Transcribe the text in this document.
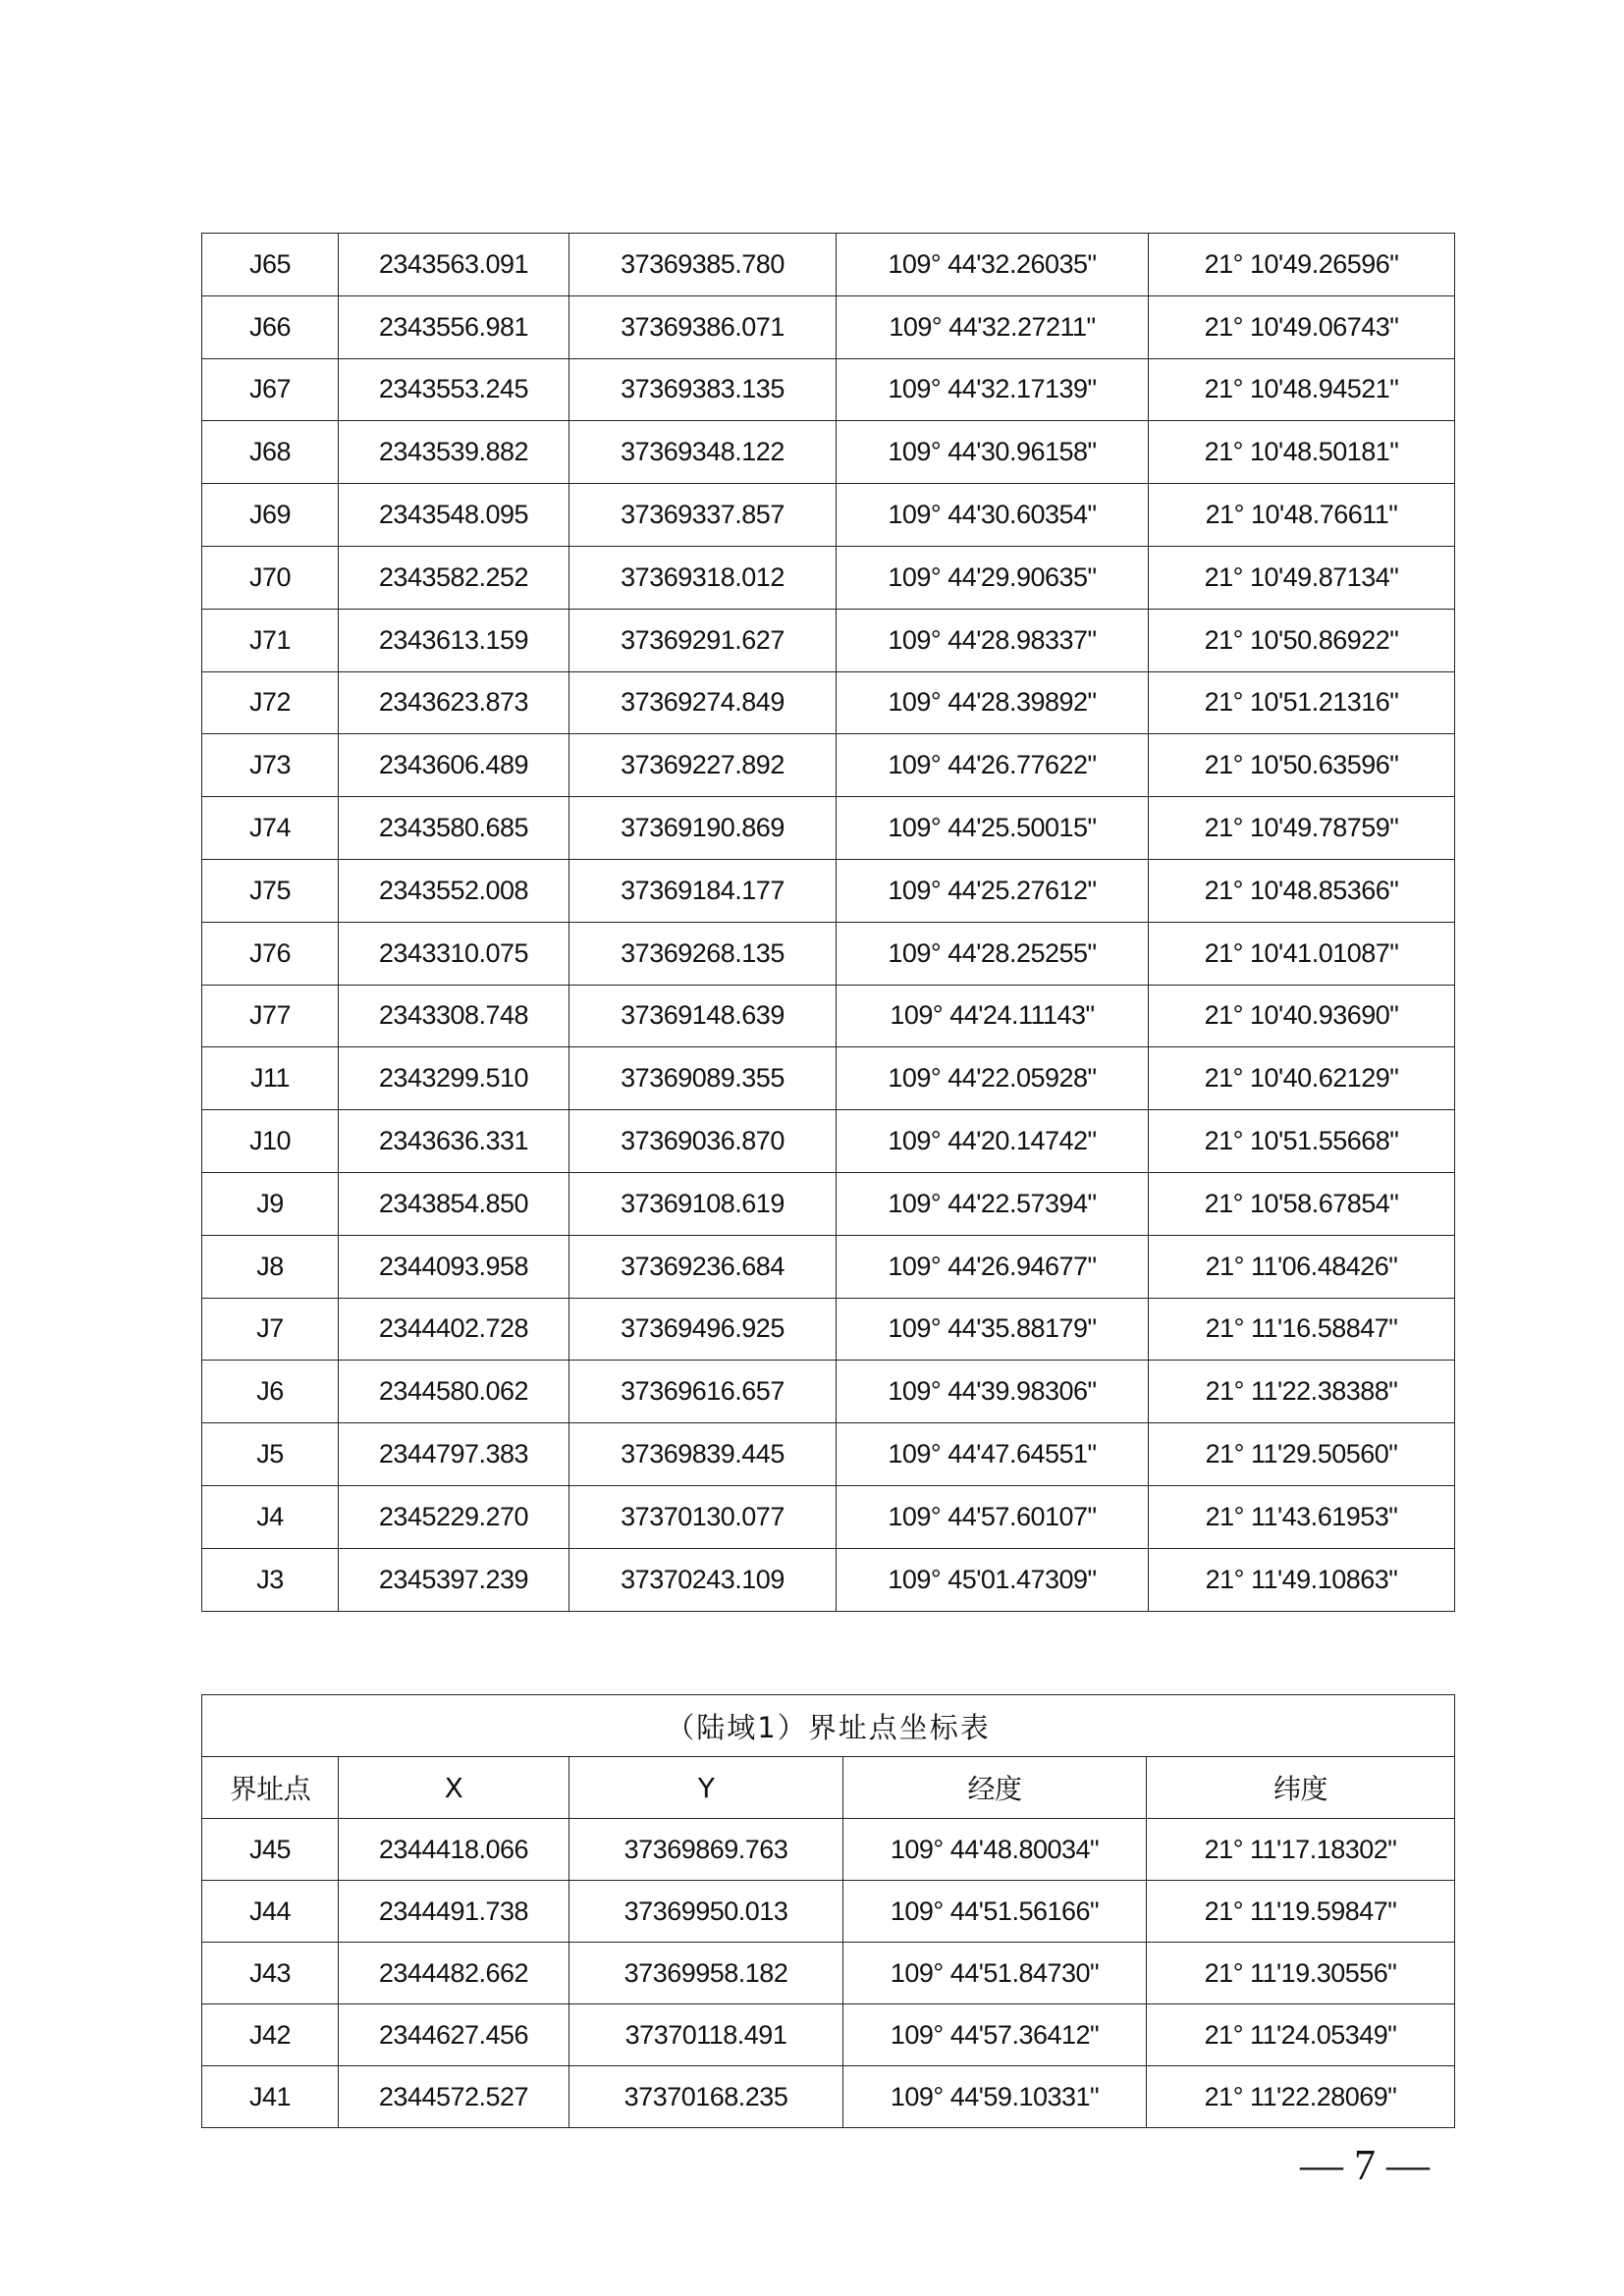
J65	2343563.091	37369385.780	109° 44'32.26035"	21° 10'49.26596"
J66	2343556.981	37369386.071	109° 44'32.27211"	21° 10'49.06743"
J67	2343553.245	37369383.135	109° 44'32.17139"	21° 10'48.94521"
J68	2343539.882	37369348.122	109° 44'30.96158"	21° 10'48.50181"
J69	2343548.095	37369337.857	109° 44'30.60354"	21° 10'48.76611"
J70	2343582.252	37369318.012	109° 44'29.90635"	21° 10'49.87134"
J71	2343613.159	37369291.627	109° 44'28.98337"	21° 10'50.86922"
J72	2343623.873	37369274.849	109° 44'28.39892"	21° 10'51.21316"
J73	2343606.489	37369227.892	109° 44'26.77622"	21° 10'50.63596"
J74	2343580.685	37369190.869	109° 44'25.50015"	21° 10'49.78759"
J75	2343552.008	37369184.177	109° 44'25.27612"	21° 10'48.85366"
J76	2343310.075	37369268.135	109° 44'28.25255"	21° 10'41.01087"
J77	2343308.748	37369148.639	109° 44'24.11143"	21° 10'40.93690"
J11	2343299.510	37369089.355	109° 44'22.05928"	21° 10'40.62129"
J10	2343636.331	37369036.870	109° 44'20.14742"	21° 10'51.55668"
J9	2343854.850	37369108.619	109° 44'22.57394"	21° 10'58.67854"
J8	2344093.958	37369236.684	109° 44'26.94677"	21° 11'06.48426"
J7	2344402.728	37369496.925	109° 44'35.88179"	21° 11'16.58847"
J6	2344580.062	37369616.657	109° 44'39.98306"	21° 11'22.38388"
J5	2344797.383	37369839.445	109° 44'47.64551"	21° 11'29.50560"
J4	2345229.270	37370130.077	109° 44'57.60107"	21° 11'43.61953"
J3	2345397.239	37370243.109	109° 45'01.47309"	21° 11'49.10863"
（陆域1）界址点坐标表				
界址点	X	Y	经度	纬度
J45	2344418.066	37369869.763	109° 44'48.80034"	21° 11'17.18302"
J44	2344491.738	37369950.013	109° 44'51.56166"	21° 11'19.59847"
J43	2344482.662	37369958.182	109° 44'51.84730"	21° 11'19.30556"
J42	2344627.456	37370118.491	109° 44'57.36412"	21° 11'24.05349"
J41	2344572.527	37370168.235	109° 44'59.10331"	21° 11'22.28069"
— 7 —
